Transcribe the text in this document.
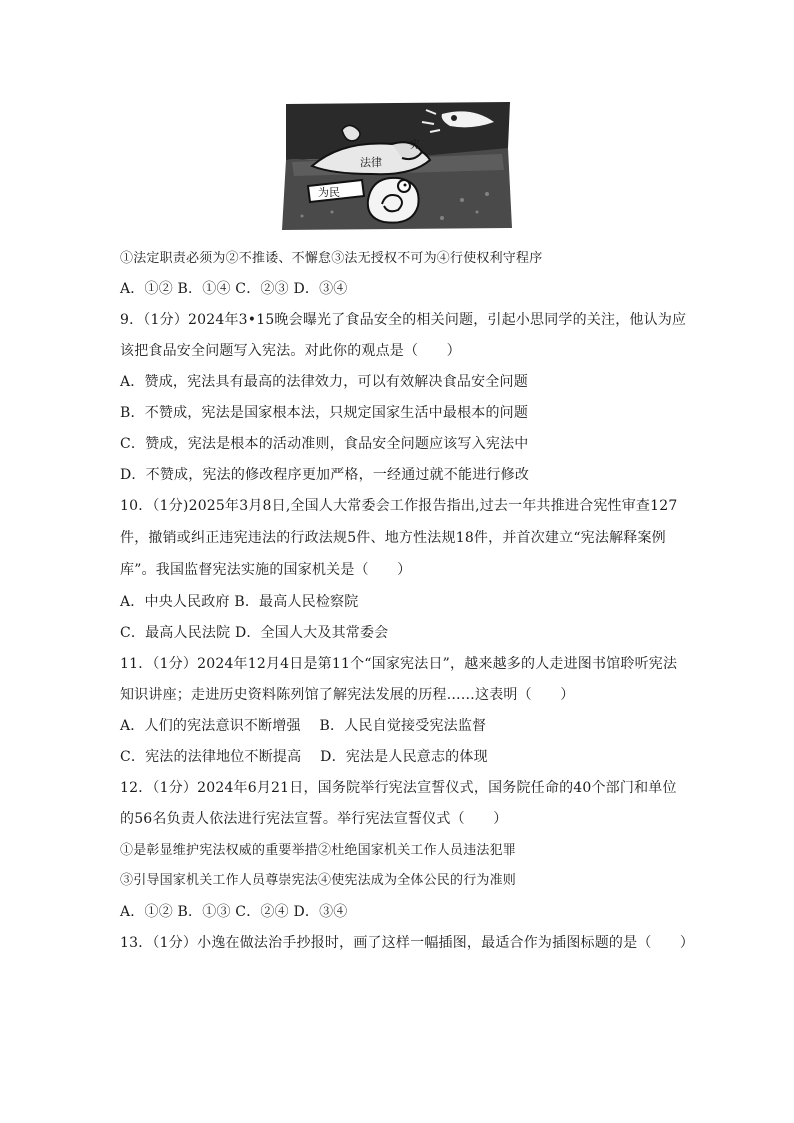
法律
为民
宪
①法定职责必须为②不推诿、不懈怠③法无授权不可为④行使权利守程序
A．①② B．①④ C．②③ D．③④
9．（1分）2024年3•15晚会曝光了食品安全的相关问题，引起小思同学的关注，他认为应
该把食品安全问题写入宪法。对此你的观点是（　　）
A．赞成，宪法具有最高的法律效力，可以有效解决食品安全问题
B．不赞成，宪法是国家根本法，只规定国家生活中最根本的问题
C．赞成，宪法是根本的活动准则，食品安全问题应该写入宪法中
D．不赞成，宪法的修改程序更加严格，一经通过就不能进行修改
10．（1分)2025年3月8日,全国人大常委会工作报告指出,过去一年共推进合宪性审查127
件，撤销或纠正违宪违法的行政法规5件、地方性法规18件，并首次建立“宪法解释案例
库”。我国监督宪法实施的国家机关是（　　）
A．中央人民政府 B．最高人民检察院
C．最高人民法院 D．全国人大及其常委会
11．（1分）2024年12月4日是第11个“国家宪法日”，越来越多的人走进图书馆聆听宪法
知识讲座；走进历史资料陈列馆了解宪法发展的历程……这表明（　　）
A．人们的宪法意识不断增强　 B．人民自觉接受宪法监督
C．宪法的法律地位不断提高　 D．宪法是人民意志的体现
12．（1分）2024年6月21日，国务院举行宪法宣誓仪式，国务院任命的40个部门和单位
的56名负责人依法进行宪法宣誓。举行宪法宣誓仪式（　　）
①是彰显维护宪法权威的重要举措②杜绝国家机关工作人员违法犯罪
③引导国家机关工作人员尊崇宪法④使宪法成为全体公民的行为准则
A．①② B．①③ C．②④ D．③④
13．（1分）小逸在做法治手抄报时，画了这样一幅插图，最适合作为插图标题的是（　　）
